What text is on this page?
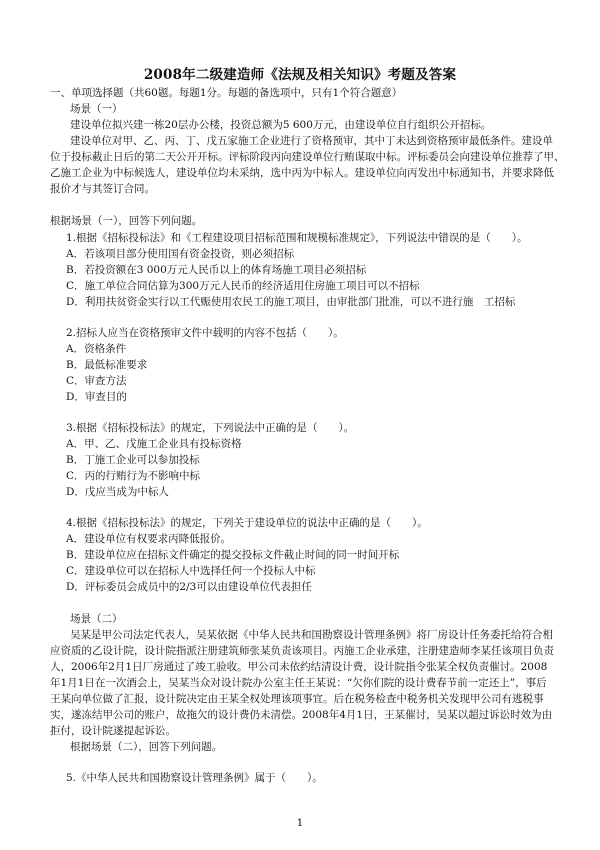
2008年二级建造师《法规及相关知识》考题及答案
一、单项选择题（共60题。每题1分。每题的备选项中，只有1个符合题意）
场景（一）
建设单位拟兴建一栋20层办公楼，投资总额为5 600万元，由建设单位自行组织公开招标。
建设单位对甲、乙、丙、丁、戊五家施工企业进行了资格预审，其中丁未达到资格预审最低条件。建设单
位于投标截止日后的第二天公开开标。评标阶段丙向建设单位行贿谋取中标。评标委员会向建设单位推荐了甲、
乙施工企业为中标候选人，建设单位均未采纳，选中丙为中标人。建设单位向丙发出中标通知书，并要求降低
报价才与其签订合同。
根据场景（一），回答下列问题。
1.根据《招标投标法》和《工程建设项目招标范围和规模标准规定》，下列说法中错误的是（　　）。
A．若该项目部分使用国有资金投资，则必须招标
B．若投资额在3 000万元人民币以上的体育场施工项目必须招标
C．施工单位合同估算为300万元人民币的经济适用住房施工项目可以不招标
D．利用扶贫资金实行以工代赈使用农民工的施工项目，由审批部门批准，可以不进行施　工招标
2.招标人应当在资格预审文件中载明的内容不包括（　　）。
A．资格条件
B．最低标准要求
C．审查方法
D．审查目的
3.根据《招标投标法》的规定，下列说法中正确的是（　　）。
A．甲、乙、戊施工企业具有投标资格
B．丁施工企业可以参加投标
C．丙的行贿行为不影响中标
D．戊应当成为中标人
4.根据《招标投标法》的规定，下列关于建设单位的说法中正确的是（　　）。
A．建设单位有权要求丙降低报价。
B．建设单位应在招标文件确定的提交投标文件截止时间的同一时间开标
C．建设单位可以在招标人中选择任何一个投标人中标
D．评标委员会成员中的2/3可以由建设单位代表担任
场景（二）
吴某是甲公司法定代表人，吴某依据《中华人民共和国勘察设计管理条例》将厂房设计任务委托给符合相
应资质的乙设计院，设计院指派注册建筑师张某负责该项目。丙施工企业承建，注册建造师李某任该项目负责
人，2006年2月1日厂房通过了竣工验收。甲公司未依约结清设计费，设计院指令张某全权负责催讨。2008
年1月1日在一次酒会上，吴某当众对设计院办公室主任王某说：“欠你们院的设计费春节前一定还上”，事后
王某向单位做了汇报，设计院决定由王某全权处理该项事宜。后在税务检查中税务机关发现甲公司有逃税事
实，遂冻结甲公司的账户，故拖欠的设计费仍未清偿。2008年4月1日，王某催讨，吴某以超过诉讼时效为由
拒付，设计院遂提起诉讼。
根据场景（二），回答下列问题。
5.《中华人民共和国勘察设计管理条例》属于（　　）。
1
